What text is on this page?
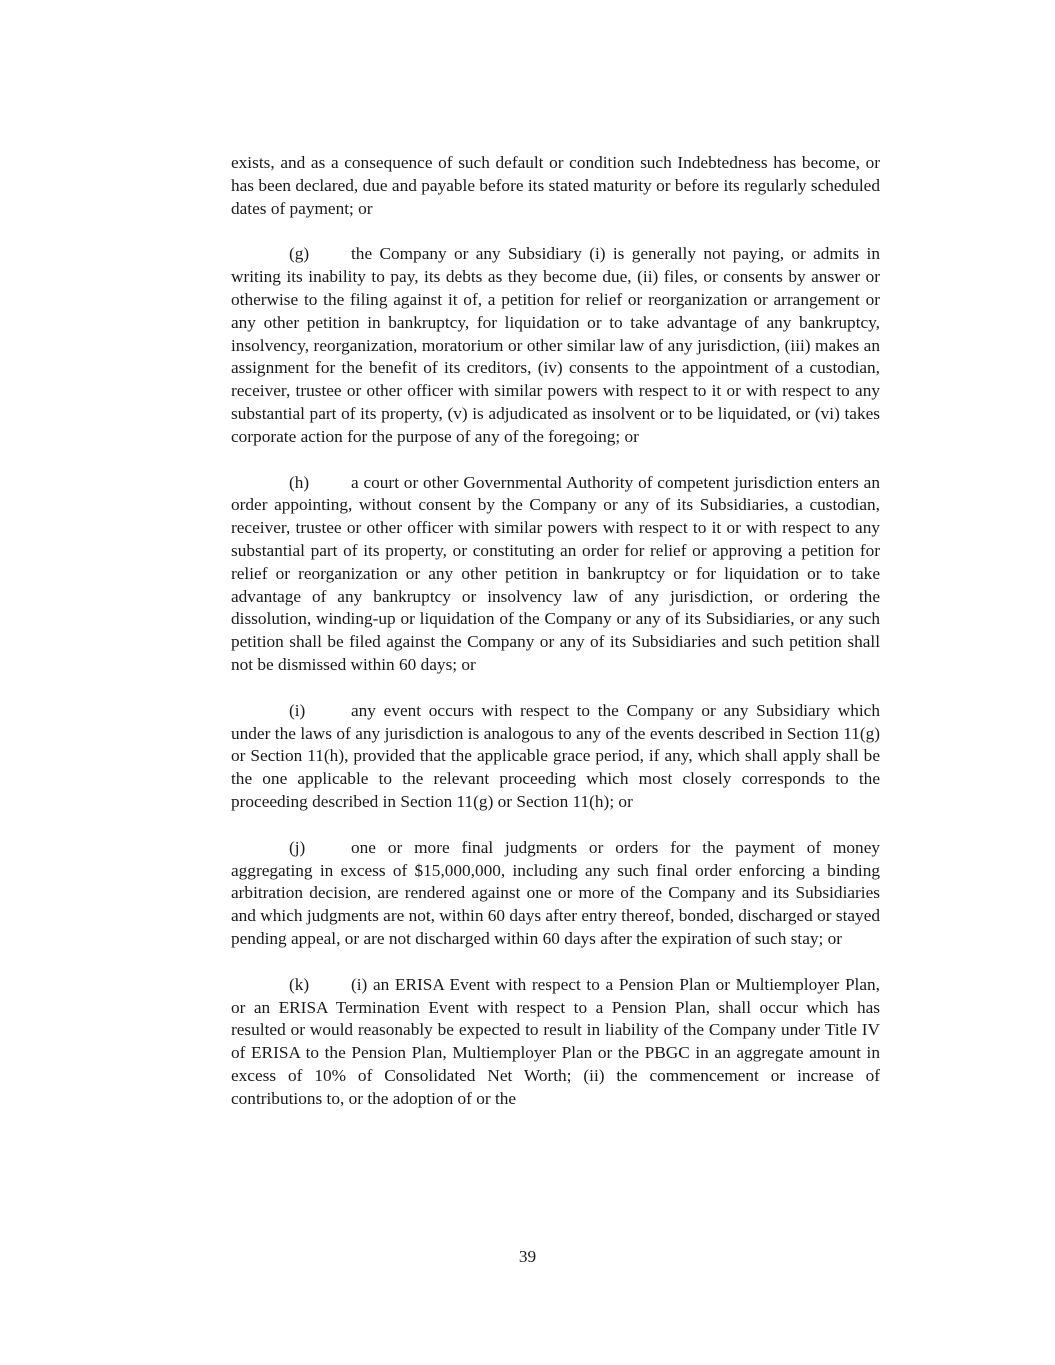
exists, and as a consequence of such default or condition such Indebtedness has become, or has been declared, due and payable before its stated maturity or before its regularly scheduled dates of payment; or

(g) the Company or any Subsidiary (i) is generally not paying, or admits in writing its inability to pay, its debts as they become due, (ii) files, or consents by answer or otherwise to the filing against it of, a petition for relief or reorganization or arrangement or any other petition in bankruptcy, for liquidation or to take advantage of any bankruptcy, insolvency, reorganization, moratorium or other similar law of any jurisdiction, (iii) makes an assignment for the benefit of its creditors, (iv) consents to the appointment of a custodian, receiver, trustee or other officer with similar powers with respect to it or with respect to any substantial part of its property, (v) is adjudicated as insolvent or to be liquidated, or (vi) takes corporate action for the purpose of any of the foregoing; or

(h) a court or other Governmental Authority of competent jurisdiction enters an order appointing, without consent by the Company or any of its Subsidiaries, a custodian, receiver, trustee or other officer with similar powers with respect to it or with respect to any substantial part of its property, or constituting an order for relief or approving a petition for relief or reorganization or any other petition in bankruptcy or for liquidation or to take advantage of any bankruptcy or insolvency law of any jurisdiction, or ordering the dissolution, winding-up or liquidation of the Company or any of its Subsidiaries, or any such petition shall be filed against the Company or any of its Subsidiaries and such petition shall not be dismissed within 60 days; or

(i)	any event occurs with respect to the Company or any Subsidiary which under the laws of any jurisdiction is analogous to any of the events described in Section 11(g) or Section 11(h), provided that the applicable grace period, if any, which shall apply shall be the one applicable to the relevant proceeding which most closely corresponds to the proceeding described in Section 11(g) or Section 11(h); or

(j)	one or more final judgments or orders for the payment of money aggregating in excess of $15,000,000, including any such final order enforcing a binding arbitration decision, are rendered against one or more of the Company and its Subsidiaries and which judgments are not, within 60 days after entry thereof, bonded, discharged or stayed pending appeal, or are not discharged within 60 days after the expiration of such stay; or

(k) (i) an ERISA Event with respect to a Pension Plan or Multiemployer Plan, or an ERISA Termination Event with respect to a Pension Plan, shall occur which has resulted or would reasonably be expected to result in liability of the Company under Title IV of ERISA to the Pension Plan, Multiemployer Plan or the PBGC in an aggregate amount in excess of 10% of Consolidated Net Worth; (ii) the commencement or increase of contributions to, or the adoption of or the

39
